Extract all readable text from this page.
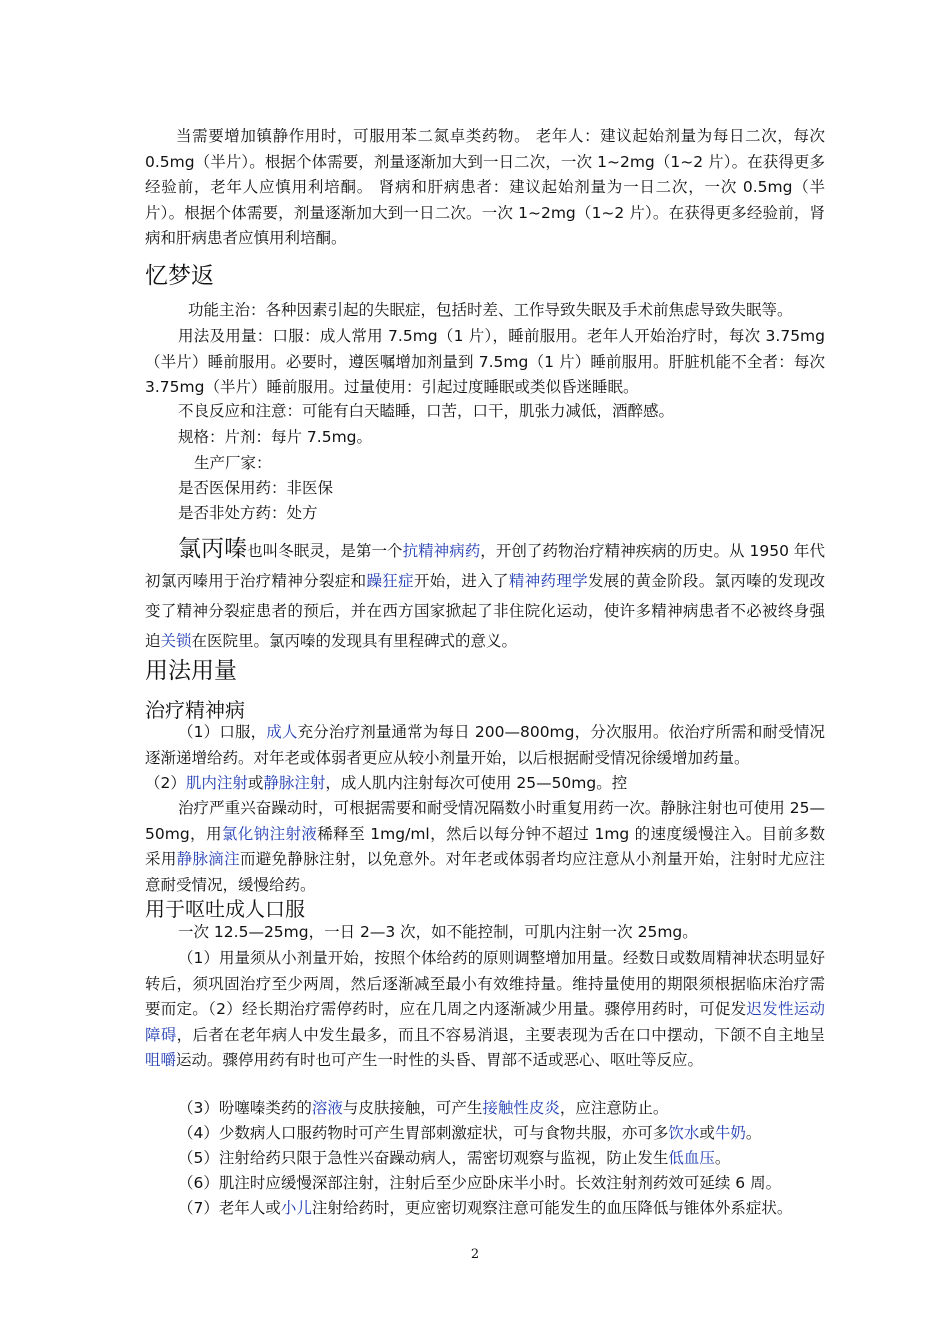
当需要增加镇静作用时，可服用苯二氮卓类药物。 老年人：建议起始剂量为每日二次，每次 0.5mg（半片）。根据个体需要，剂量逐渐加大到一日二次，一次 1~2mg（1~2 片）。在获得更多经验前，老年人应慎用利培酮。 肾病和肝病患者：建议起始剂量为一日二次，一次 0.5mg（半片）。根据个体需要，剂量逐渐加大到一日二次。一次 1~2mg（1~2 片）。在获得更多经验前，肾病和肝病患者应慎用利培酮。

忆梦返

功能主治：各种因素引起的失眠症，包括时差、工作导致失眠及手术前焦虑导致失眠等。

用法及用量：口服：成人常用 7.5mg（1 片），睡前服用。老年人开始治疗时，每次 3.75mg（半片）睡前服用。必要时，遵医嘱增加剂量到 7.5mg（1 片）睡前服用。肝脏机能不全者：每次 3.75mg（半片）睡前服用。过量使用：引起过度睡眠或类似昏迷睡眠。

不良反应和注意：可能有白天瞌睡，口苦，口干，肌张力减低，酒醉感。

规格：片剂：每片 7.5mg。

生产厂家：

是否医保用药：非医保

是否非处方药：处方

氯丙嗪也叫冬眠灵，是第一个抗精神病药，开创了药物治疗精神疾病的历史。从 1950 年代初氯丙嗪用于治疗精神分裂症和躁狂症开始，进入了精神药理学发展的黄金阶段。氯丙嗪的发现改变了精神分裂症患者的预后，并在西方国家掀起了非住院化运动，使许多精神病患者不必被终身强迫关锁在医院里。氯丙嗪的发现具有里程碑式的意义。

用法用量
治疗精神病

（1）口服，成人充分治疗剂量通常为每日 200—800mg，分次服用。依治疗所需和耐受情况逐渐递增给药。对年老或体弱者更应从较小剂量开始，以后根据耐受情况徐缓增加药量。

（2）肌内注射或静脉注射，成人肌内注射每次可使用 25—50mg。控

治疗严重兴奋躁动时，可根据需要和耐受情况隔数小时重复用药一次。静脉注射也可使用 25—50mg，用氯化钠注射液稀释至 1mg/ml，然后以每分钟不超过 1mg 的速度缓慢注入。目前多数采用静脉滴注而避免静脉注射，以免意外。对年老或体弱者均应注意从小剂量开始，注射时尤应注意耐受情况，缓慢给药。

用于呕吐成人口服

一次 12.5—25mg，一日 2—3 次，如不能控制，可肌内注射一次 25mg。

（1）用量须从小剂量开始，按照个体给药的原则调整增加用量。经数日或数周精神状态明显好转后，须巩固治疗至少两周，然后逐渐减至最小有效维持量。维持量使用的期限须根据临床治疗需要而定。（2）经长期治疗需停药时，应在几周之内逐渐减少用量。骤停用药时，可促发迟发性运动障碍，后者在老年病人中发生最多，而且不容易消退，主要表现为舌在口中摆动，下颌不自主地呈咀嚼运动。骤停用药有时也可产生一时性的头昏、胃部不适或恶心、呕吐等反应。

（3）吩噻嗪类药的溶液与皮肤接触，可产生接触性皮炎，应注意防止。

（4）少数病人口服药物时可产生胃部刺激症状，可与食物共服，亦可多饮水或牛奶。

（5）注射给药只限于急性兴奋躁动病人，需密切观察与监视，防止发生低血压。

（6）肌注时应缓慢深部注射，注射后至少应卧床半小时。长效注射剂药效可延续 6 周。

（7）老年人或小儿注射给药时，更应密切观察注意可能发生的血压降低与锥体外系症状。

2
